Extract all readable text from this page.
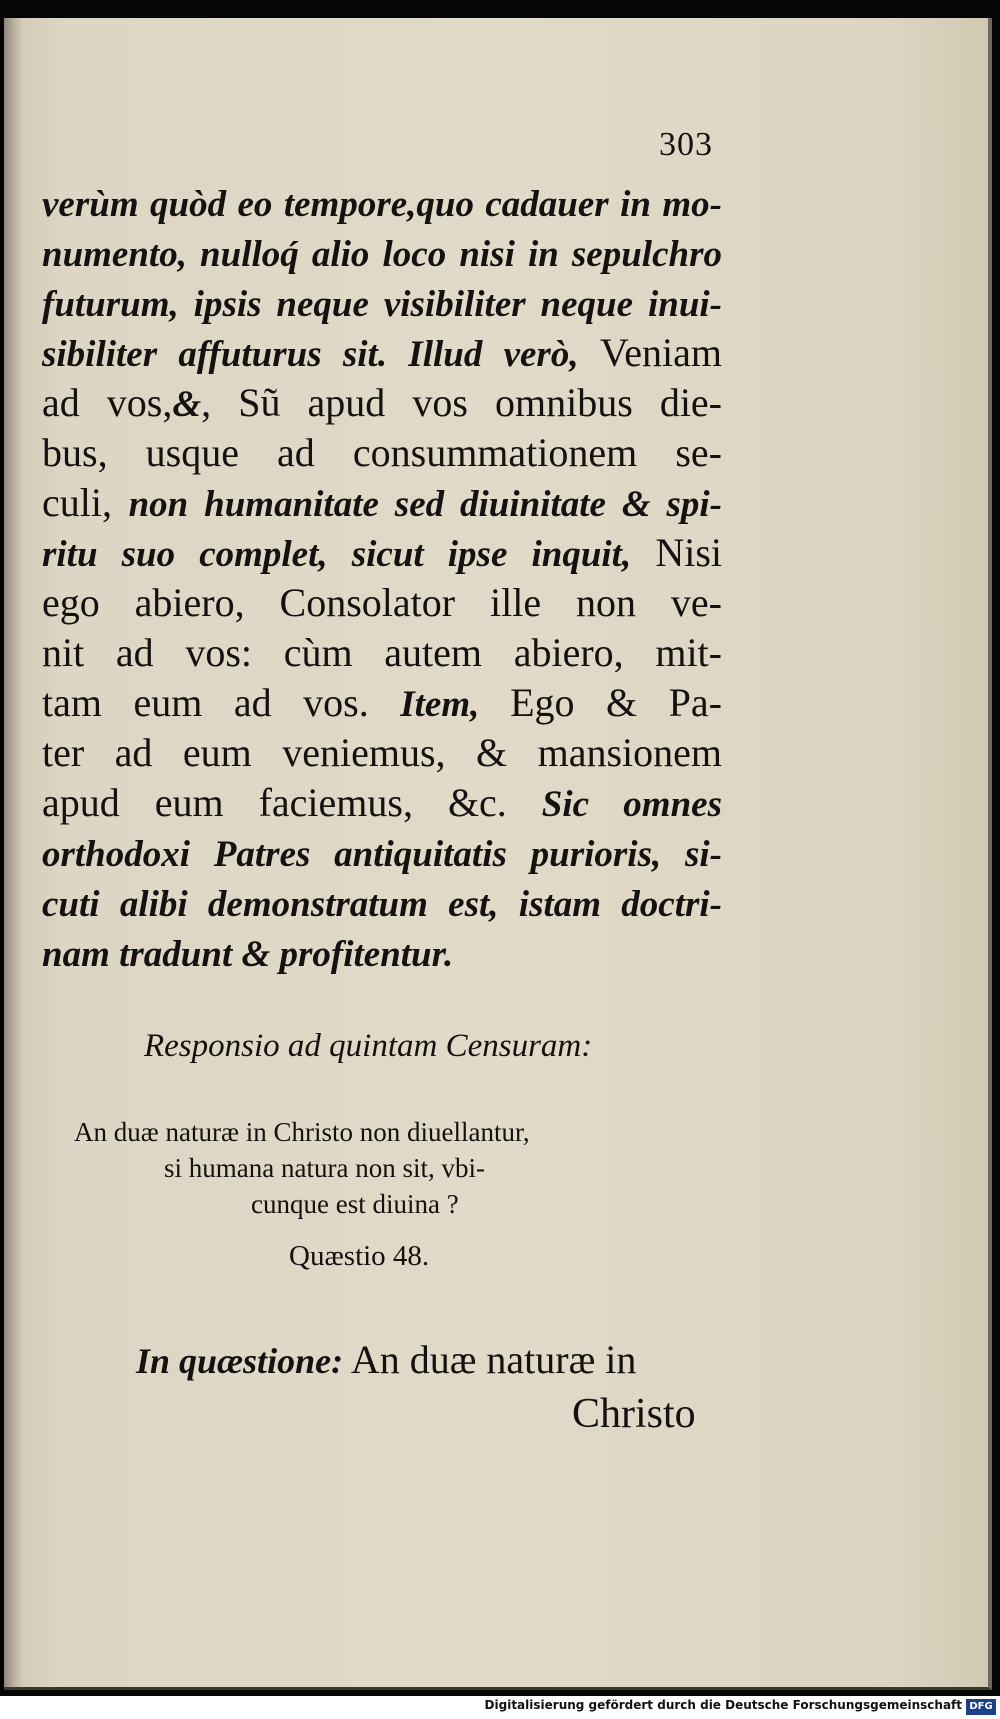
303
verùm quòd eo tempore,quo cadauer in mo-
numento, nulloq́ alio loco nisi in sepulchro
futurum, ipsis neque visibiliter neque inui-
sibiliter affuturus sit. Illud verò, Veniam
ad vos,&, Sũ apud vos omnibus die-
bus, usque ad consummationem se-
culi, non humanitate sed diuinitate & spi-
ritu suo complet, sicut ipse inquit, Nisi
ego abiero, Consolator ille non ve-
nit ad vos: cùm autem abiero, mit-
tam eum ad vos. Item, Ego & Pa-
ter ad eum veniemus, & mansionem
apud eum faciemus, &c. Sic omnes
orthodoxi Patres antiquitatis purioris, si-
cuti alibi demonstratum est, istam doctri-
nam tradunt & profitentur.
Responsio ad quintam Censuram:
An duæ naturæ in Christo non diuellantur,
si humana natura non sit, vbi-
cunque est diuina ?
Quæstio 48.
In quæstione: An duæ naturæ in
Christo
Digitalisierung gefördert durch die Deutsche Forschungsgemeinschaft DFG
